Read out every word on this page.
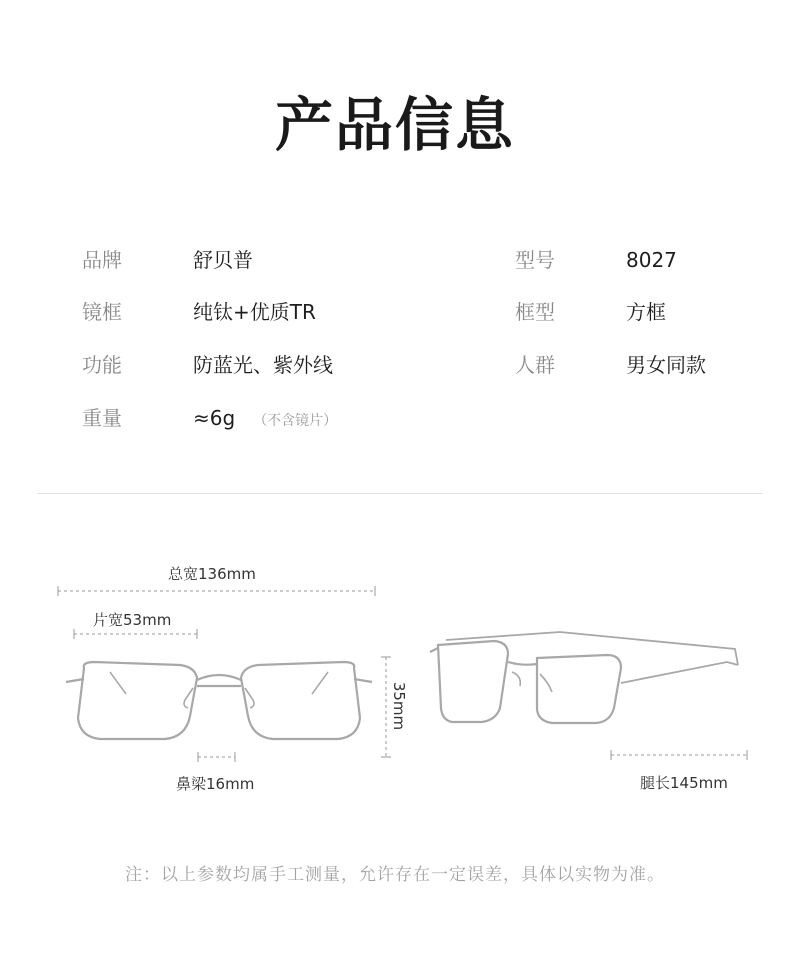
产品信息
品牌	舒贝普	型号	8027
镜框	纯钛+优质TR	框型	方框
功能	防蓝光、紫外线	人群	男女同款
重量	≈6g （不含镜片）
总宽136mm
片宽53mm
鼻梁16mm
35mm
腿长145mm
注：以上参数均属手工测量，允许存在一定误差，具体以实物为准。
